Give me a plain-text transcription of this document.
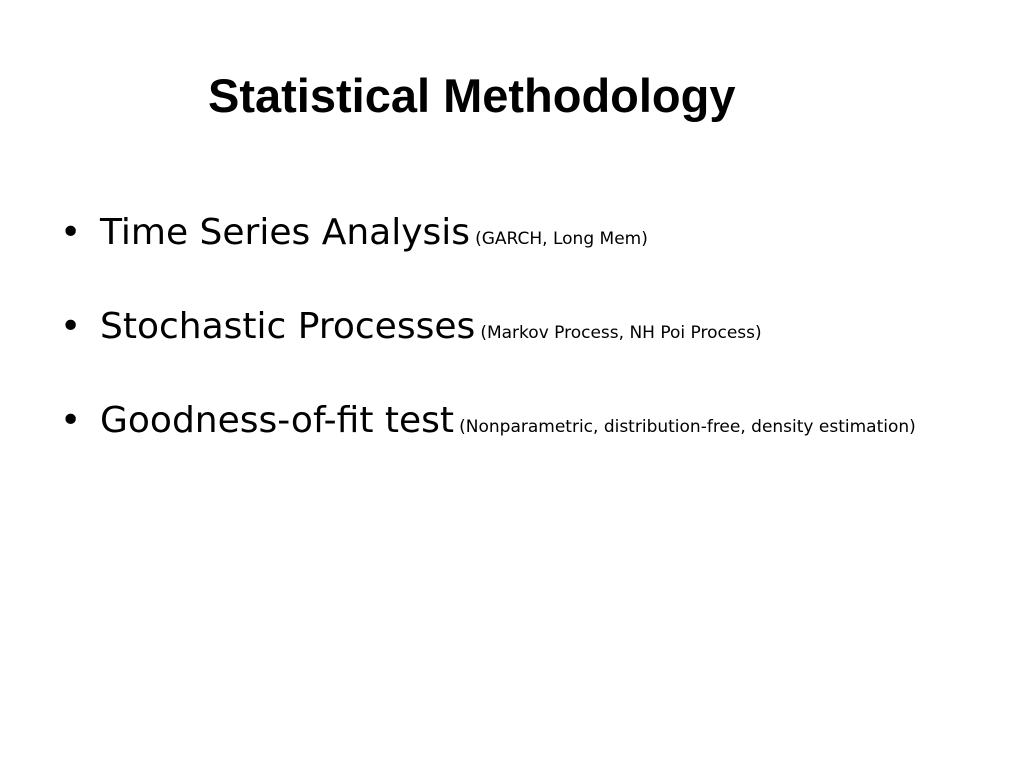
Statistical Methodology
• Time Series Analysis (GARCH, Long Mem)
• Stochastic Processes (Markov Process, NH Poi Process)
• Goodness-of-fit test (Nonparametric, distribution-free, density estimation)
